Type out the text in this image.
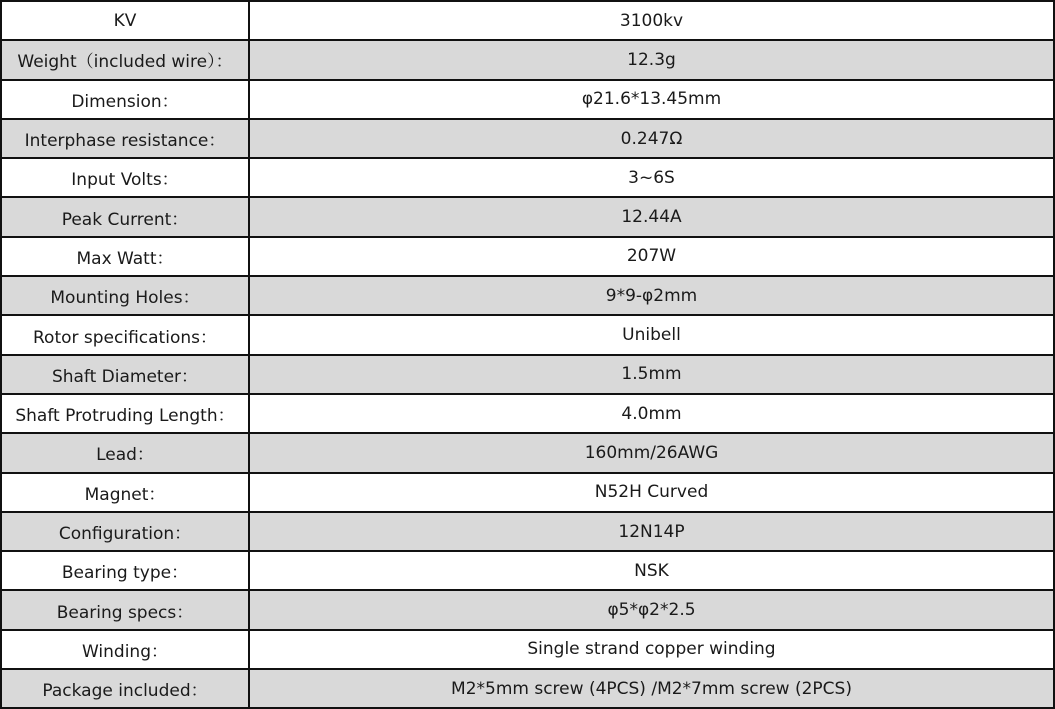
KV	3100kv
Weight（included wire）：	12.3g
Dimension：	φ21.6*13.45mm
Interphase resistance：	0.247Ω
Input Volts：	3~6S
Peak Current：	12.44A
Max Watt：	207W
Mounting Holes：	9*9-φ2mm
Rotor specifications：	Unibell
Shaft Diameter：	1.5mm
Shaft Protruding Length：	4.0mm
Lead：	160mm/26AWG
Magnet：	N52H Curved
Configuration：	12N14P
Bearing type：	NSK
Bearing specs：	φ5*φ2*2.5
Winding：	Single strand copper winding
Package included：	M2*5mm screw (4PCS) /M2*7mm screw (2PCS)
